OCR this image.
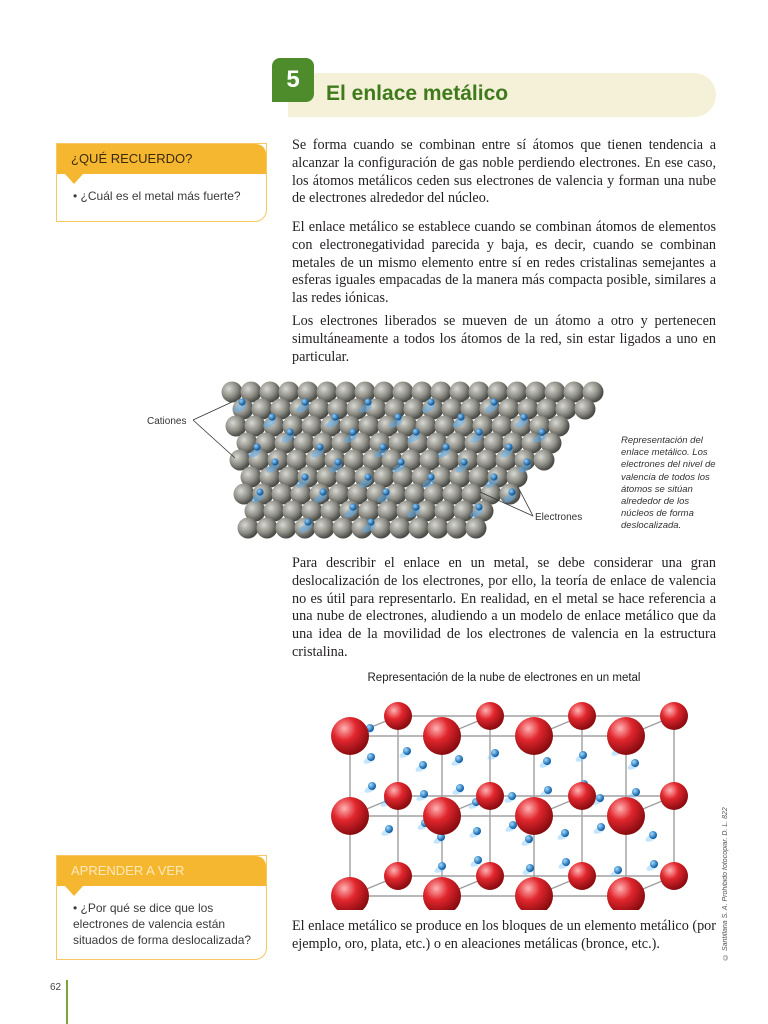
5
El enlace metálico
¿QUÉ RECUERDO?
• ¿Cuál es el metal más fuerte?

Se forma cuando se combinan entre sí átomos que tienen tendencia a alcanzar la configuración de gas noble perdiendo electrones. En ese caso, los átomos metálicos ceden sus electrones de valencia y forman una nube de electrones alrededor del núcleo.

El enlace metálico se establece cuando se combinan átomos de elementos con electronegatividad parecida y baja, es decir, cuando se combinan metales de un mismo elemento entre sí en redes cristalinas semejantes a esferas iguales empacadas de la manera más compacta posible, similares a las redes iónicas.

Los electrones liberados se mueven de un átomo a otro y pertenecen simultáneamente a todos los átomos de la red, sin estar ligados a uno en particular.

Cationes
Electrones
Representación del enlace metálico. Los electrones del nivel de valencia de todos los átomos se sitúan alrededor de los núcleos de forma deslocalizada.

Para describir el enlace en un metal, se debe considerar una gran deslocalización de los electrones, por ello, la teoría de enlace de valencia no es útil para representarlo. En realidad, en el metal se hace referencia a una nube de electrones, aludiendo a un modelo de enlace metálico que da una idea de la movilidad de los electrones de valencia en la estructura cristalina.

Representación de la nube de electrones en un metal
APRENDER A VER
• ¿Por qué se dice que los electrones de valencia están situados de forma deslocalizada?

El enlace metálico se produce en los bloques de un elemento metálico (por ejemplo, oro, plata, etc.) o en aleaciones metálicas (bronce, etc.).	© Santillana S. A. Prohibido fotocopiar. D. L. 822
62
